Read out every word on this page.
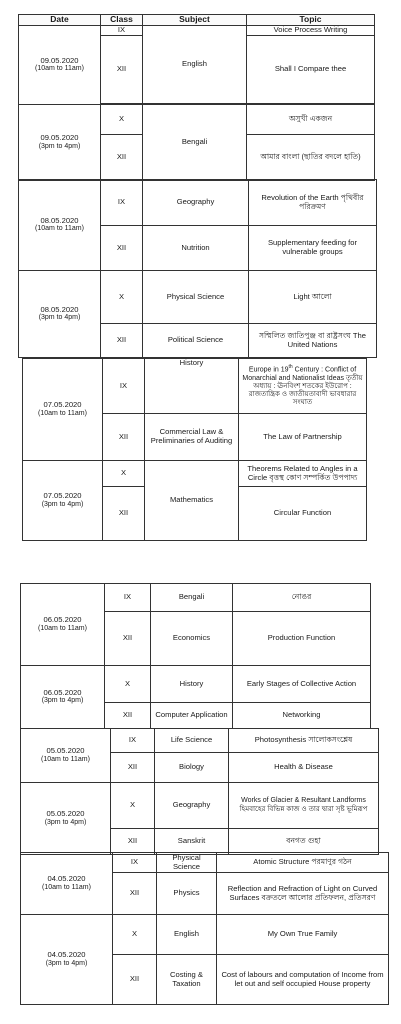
Date	Class	Subject	Topic
09.05.2020
(10am to 11am)	IX	English	Voice Process Writing
	XII		Shall I Compare thee

09.05.2020
(3pm to 4pm)	X	Bengali	অসুখী একজন
	XII		আমার বাংলা (ছাতির বদলে হাতি)
08.05.2020
(10am to 11am)	IX	Geography	Revolution of the Earth পৃথিবীর পরিক্রমণ
	XII	Nutrition	Supplementary feeding for vulnerable groups
08.05.2020
(3pm to 4pm)	X	Physical Science	Light আলো
	XII	Political Science	সম্মিলিত জাতিপুঞ্জ বা রাষ্ট্রসংঘ The United Nations
07.05.2020
(10am to 11am)	IX	History	Europe in 19th Century : Conflict of Monarchial and Nationalist Ideas তৃতীয় অধ্যায় : ঊনবিংশ শতকের ইউরোপ : রাজতান্ত্রিক ও জাতীয়তাবাদী ভাবধারার সংঘাত
	XII	Commercial Law & Preliminaries of Auditing	The Law of Partnership
07.05.2020
(3pm to 4pm)	X	Mathematics	Theorems Related to Angles in a Circle বৃত্তস্থ কোণ সম্পর্কিত উপপাদ্য
	XII		Circular Function
06.05.2020
(10am to 11am)	IX	Bengali	নোঙর
	XII	Economics	Production Function
06.05.2020
(3pm to 4pm)	X	History	Early Stages of Collective Action
	XII	Computer Application	Networking
05.05.2020
(10am to 11am)	IX	Life Science	Photosynthesis সালোকসংশ্লেষ
	XII	Biology	Health & Disease
05.05.2020
(3pm to 4pm)	X	Geography	Works of Glacier & Resultant Landforms হিমবাহের বিভিন্ন কাজ ও তার দ্বারা সৃষ্ট ভূমিরূপ
	XII	Sanskrit	বনগত গুহা
04.05.2020
(10am to 11am)	IX	Physical Science	Atomic Structure পরমাণুর গঠন
	XII	Physics	Reflection and Refraction of Light on Curved Surfaces বক্রতলে আলোর প্রতিফলন, প্রতিসরণ
04.05.2020
(3pm to 4pm)	X	English	My Own True Family
	XII	Costing & Taxation	Cost of labours and computation of Income from let out and self occupied House property
